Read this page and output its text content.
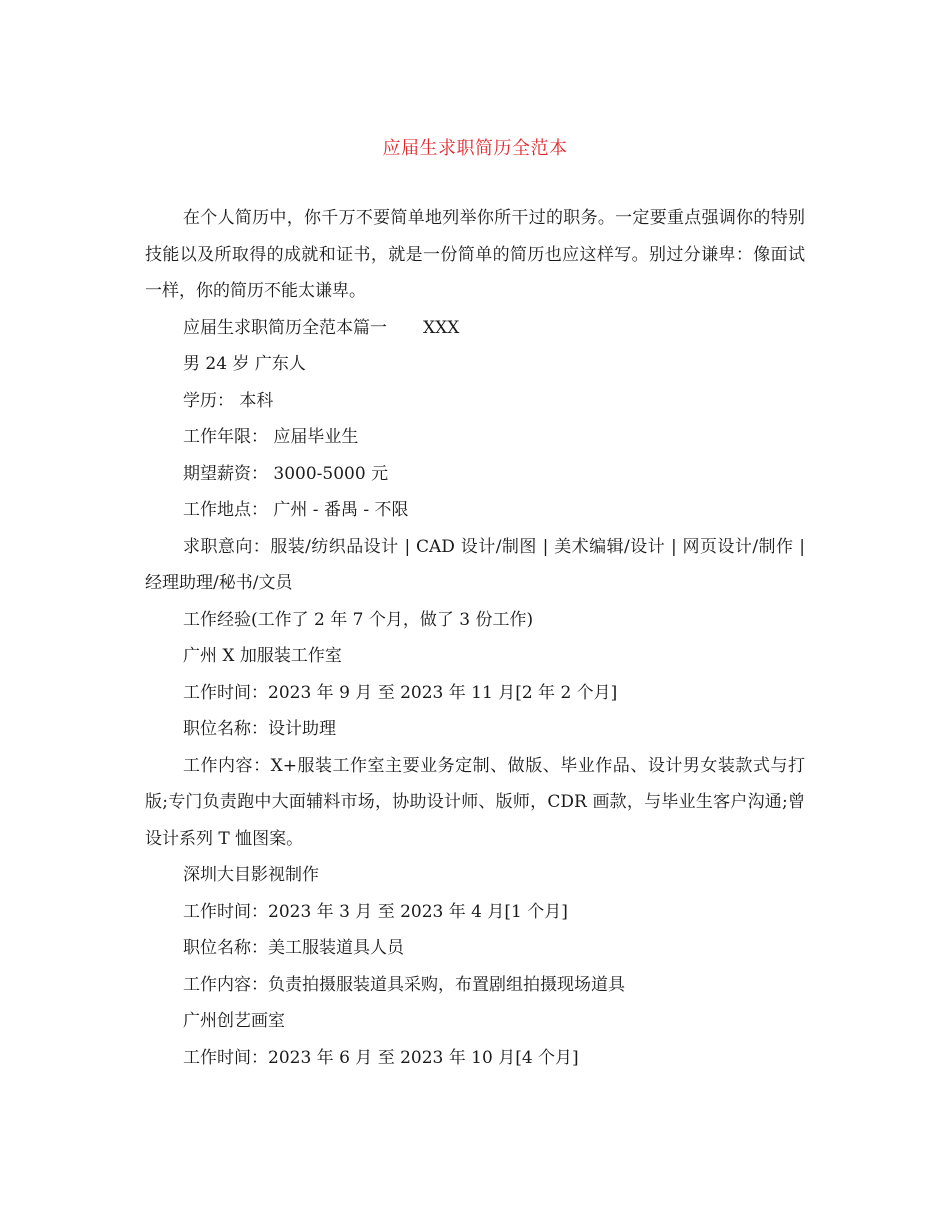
应届生求职简历全范本

在个人简历中，你千万不要简单地列举你所干过的职务。一定要重点强调你的特别技能以及所取得的成就和证书，就是一份简单的简历也应这样写。别过分谦卑：像面试一样，你的简历不能太谦卑。

应届生求职简历全范本篇一 XXX

男 24 岁 广东人

学历： 本科

工作年限： 应届毕业生

期望薪资： 3000-5000 元

工作地点： 广州 - 番禺 - 不限

求职意向：服装/纺织品设计 | CAD 设计/制图 | 美术编辑/设计 | 网页设计/制作 | 经理助理/秘书/文员

工作经验(工作了 2 年 7 个月，做了 3 份工作)

广州 X 加服装工作室

工作时间：2023 年 9 月 至 2023 年 11 月[2 年 2 个月]

职位名称：设计助理

工作内容：X+服装工作室主要业务定制、做版、毕业作品、设计男女装款式与打版;专门负责跑中大面辅料市场，协助设计师、版师，CDR 画款，与毕业生客户沟通;曾设计系列 T 恤图案。

深圳大目影视制作

工作时间：2023 年 3 月 至 2023 年 4 月[1 个月]

职位名称：美工服装道具人员

工作内容：负责拍摄服装道具采购，布置剧组拍摄现场道具

广州创艺画室

工作时间：2023 年 6 月 至 2023 年 10 月[4 个月]
